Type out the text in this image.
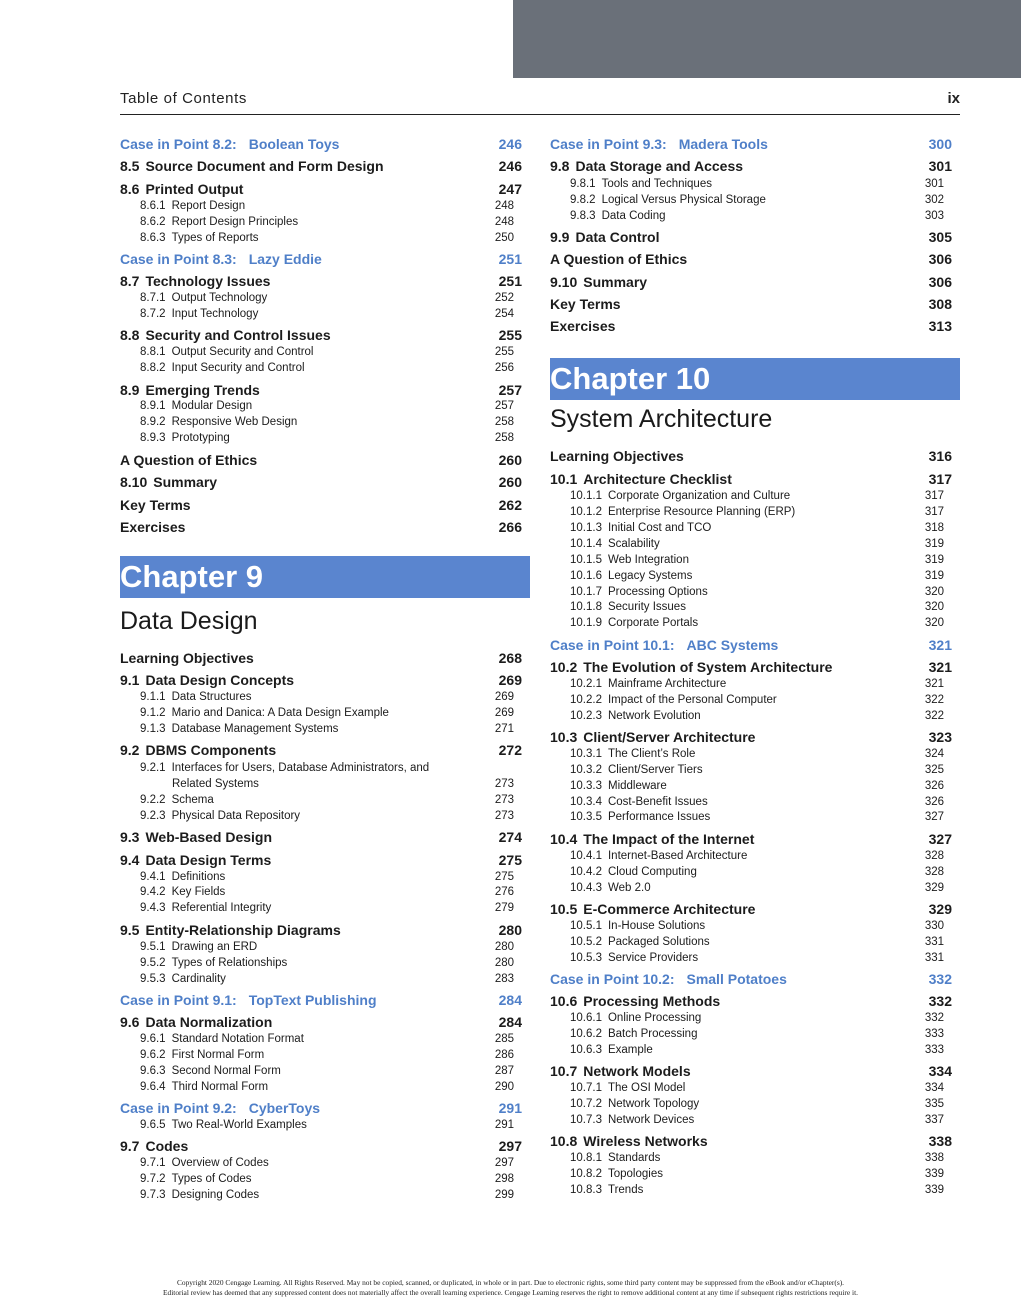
Table of Contents	ix
Case in Point 8.2: Boolean Toys	246
8.5 Source Document and Form Design	246
8.6 Printed Output	247
8.6.1 Report Design	248
8.6.2 Report Design Principles	248
8.6.3 Types of Reports	250
Case in Point 8.3: Lazy Eddie	251
8.7 Technology Issues	251
8.7.1 Output Technology	252
8.7.2 Input Technology	254
8.8 Security and Control Issues	255
8.8.1 Output Security and Control	255
8.8.2 Input Security and Control	256
8.9 Emerging Trends	257
8.9.1 Modular Design	257
8.9.2 Responsive Web Design	258
8.9.3 Prototyping	258
A Question of Ethics	260
8.10 Summary	260
Key Terms	262
Exercises	266
Chapter 9
Data Design
Learning Objectives	268
9.1 Data Design Concepts	269
9.1.1 Data Structures	269
9.1.2 Mario and Danica: A Data Design Example	269
9.1.3 Database Management Systems	271
9.2 DBMS Components	272
9.2.1 Interfaces for Users, Database Administrators, and
Related Systems	273
9.2.2 Schema	273
9.2.3 Physical Data Repository	273
9.3 Web-Based Design	274
9.4 Data Design Terms	275
9.4.1 Definitions	275
9.4.2 Key Fields	276
9.4.3 Referential Integrity	279
9.5 Entity-Relationship Diagrams	280
9.5.1 Drawing an ERD	280
9.5.2 Types of Relationships	280
9.5.3 Cardinality	283
Case in Point 9.1: TopText Publishing	284
9.6 Data Normalization	284
9.6.1 Standard Notation Format	285
9.6.2 First Normal Form	286
9.6.3 Second Normal Form	287
9.6.4 Third Normal Form	290
Case in Point 9.2: CyberToys	291
9.6.5 Two Real-World Examples	291
9.7 Codes	297
9.7.1 Overview of Codes	297
9.7.2 Types of Codes	298
9.7.3 Designing Codes	299
Case in Point 9.3: Madera Tools	300
9.8 Data Storage and Access	301
9.8.1 Tools and Techniques	301
9.8.2 Logical Versus Physical Storage	302
9.8.3 Data Coding	303
9.9 Data Control	305
A Question of Ethics	306
9.10 Summary	306
Key Terms	308
Exercises	313
Chapter 10
System Architecture
Learning Objectives	316
10.1 Architecture Checklist	317
10.1.1 Corporate Organization and Culture	317
10.1.2 Enterprise Resource Planning (ERP)	317
10.1.3 Initial Cost and TCO	318
10.1.4 Scalability	319
10.1.5 Web Integration	319
10.1.6 Legacy Systems	319
10.1.7 Processing Options	320
10.1.8 Security Issues	320
10.1.9 Corporate Portals	320
Case in Point 10.1: ABC Systems	321
10.2 The Evolution of System Architecture	321
10.2.1 Mainframe Architecture	321
10.2.2 Impact of the Personal Computer	322
10.2.3 Network Evolution	322
10.3 Client/Server Architecture	323
10.3.1 The Client’s Role	324
10.3.2 Client/Server Tiers	325
10.3.3 Middleware	326
10.3.4 Cost-Benefit Issues	326
10.3.5 Performance Issues	327
10.4 The Impact of the Internet	327
10.4.1 Internet-Based Architecture	328
10.4.2 Cloud Computing	328
10.4.3 Web 2.0	329
10.5 E-Commerce Architecture	329
10.5.1 In-House Solutions	330
10.5.2 Packaged Solutions	331
10.5.3 Service Providers	331
Case in Point 10.2: Small Potatoes	332
10.6 Processing Methods	332
10.6.1 Online Processing	332
10.6.2 Batch Processing	333
10.6.3 Example	333
10.7 Network Models	334
10.7.1 The OSI Model	334
10.7.2 Network Topology	335
10.7.3 Network Devices	337
10.8 Wireless Networks	338
10.8.1 Standards	338
10.8.2 Topologies	339
10.8.3 Trends	339
Copyright 2020 Cengage Learning. All Rights Reserved. May not be copied, scanned, or duplicated, in whole or in part. Due to electronic rights, some third party content may be suppressed from the eBook and/or eChapter(s).
Editorial review has deemed that any suppressed content does not materially affect the overall learning experience. Cengage Learning reserves the right to remove additional content at any time if subsequent rights restrictions require it.
